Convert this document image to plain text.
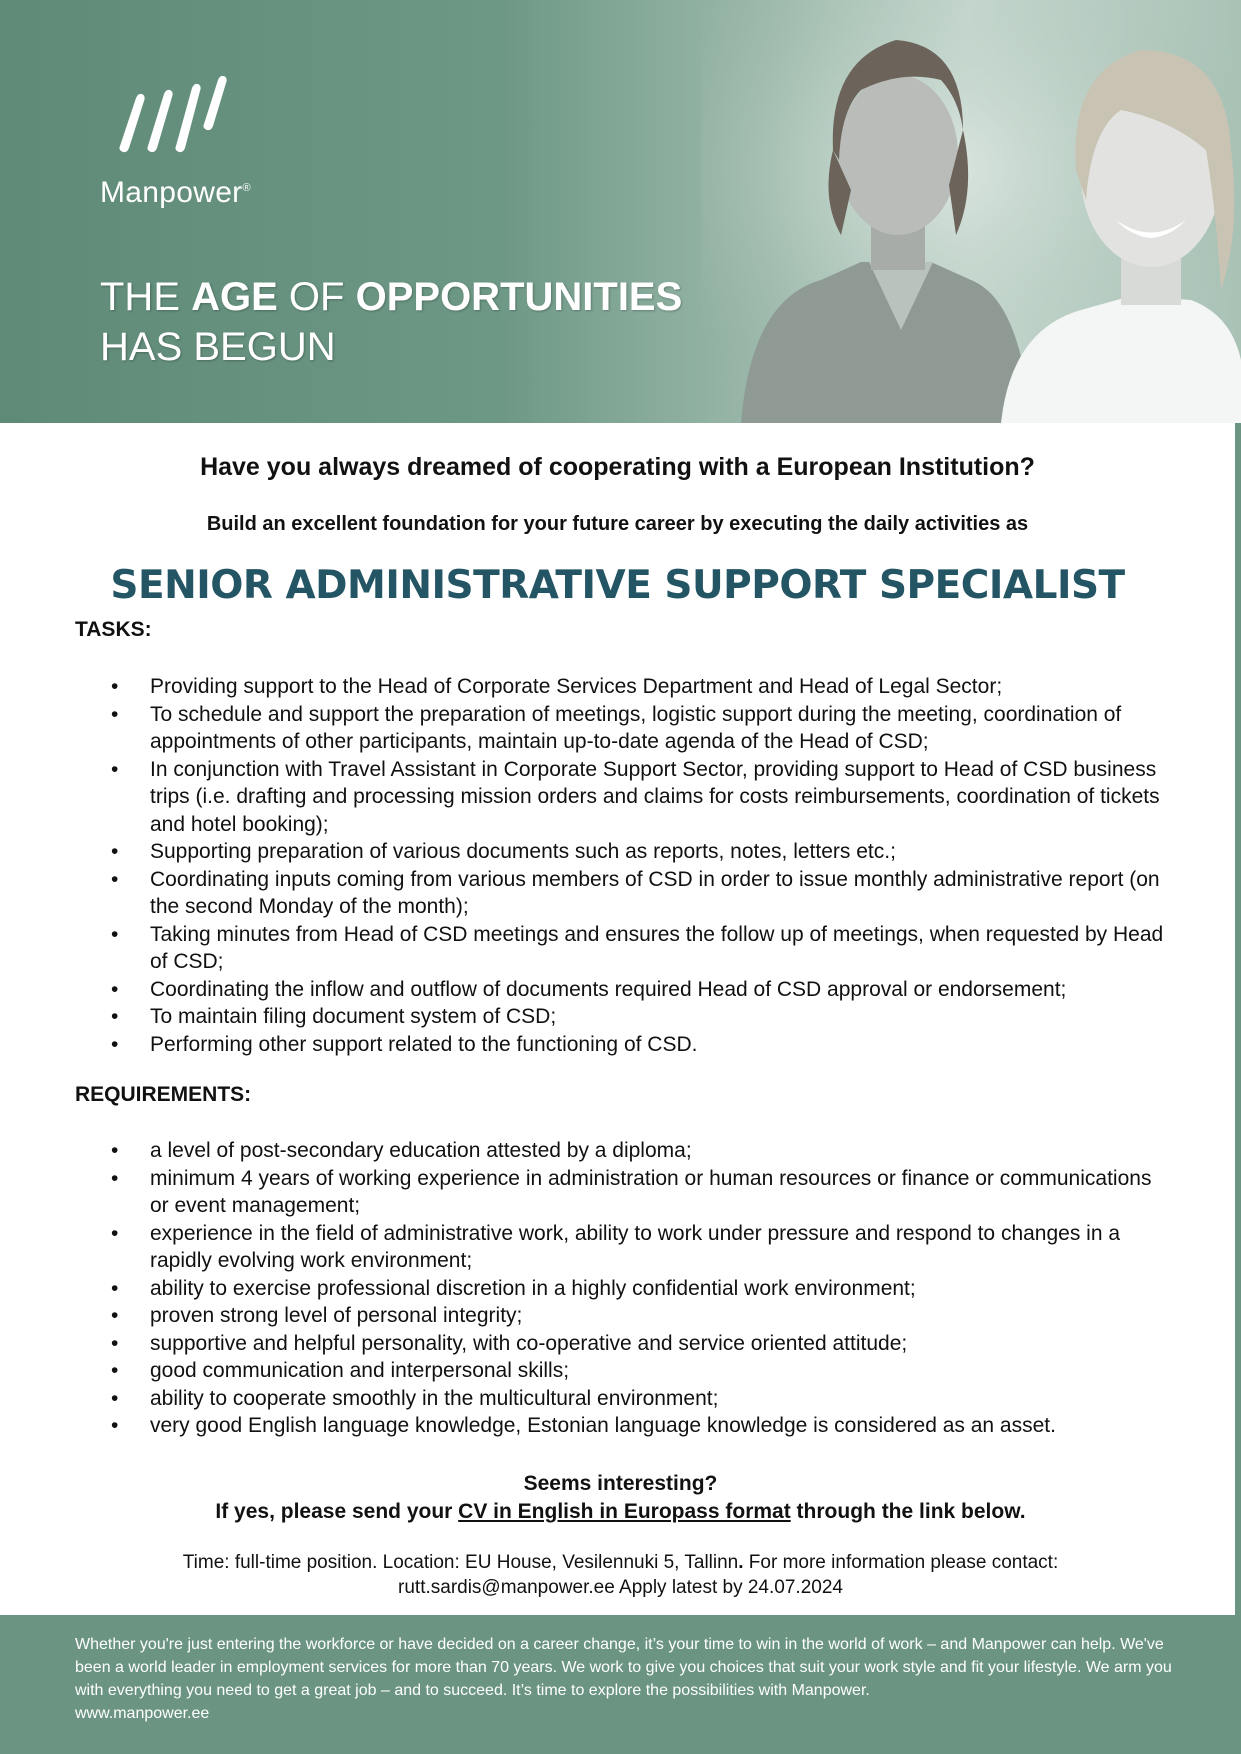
Manpower®
THE AGE OF OPPORTUNITIES
HAS BEGUN
Have you always dreamed of cooperating with a European Institution?
Build an excellent foundation for your future career by executing the daily activities as
SENIOR ADMINISTRATIVE SUPPORT SPECIALIST
TASKS:
• Providing support to the Head of Corporate Services Department and Head of Legal Sector;
• To schedule and support the preparation of meetings, logistic support during the meeting, coordination of appointments of other participants, maintain up-to-date agenda of the Head of CSD;
• In conjunction with Travel Assistant in Corporate Support Sector, providing support to Head of CSD business trips (i.e. drafting and processing mission orders and claims for costs reimbursements, coordination of tickets and hotel booking);
• Supporting preparation of various documents such as reports, notes, letters etc.;
• Coordinating inputs coming from various members of CSD in order to issue monthly administrative report (on the second Monday of the month);
• Taking minutes from Head of CSD meetings and ensures the follow up of meetings, when requested by Head of CSD;
• Coordinating the inflow and outflow of documents required Head of CSD approval or endorsement;
• To maintain filing document system of CSD;
• Performing other support related to the functioning of CSD.
REQUIREMENTS:
• a level of post-secondary education attested by a diploma;
• minimum 4 years of working experience in administration or human resources or finance or communications or event management;
• experience in the field of administrative work, ability to work under pressure and respond to changes in a rapidly evolving work environment;
• ability to exercise professional discretion in a highly confidential work environment;
• proven strong level of personal integrity;
• supportive and helpful personality, with co-operative and service oriented attitude;
• good communication and interpersonal skills;
• ability to cooperate smoothly in the multicultural environment;
• very good English language knowledge, Estonian language knowledge is considered as an asset.
Seems interesting?
If yes, please send your CV in English in Europass format through the link below.
Time: full-time position. Location: EU House, Vesilennuki 5, Tallinn. For more information please contact:
rutt.sardis@manpower.ee Apply latest by 24.07.2024
Whether you're just entering the workforce or have decided on a career change, it’s your time to win in the world of work – and Manpower can help. We've been a world leader in employment services for more than 70 years. We work to give you choices that suit your work style and fit your lifestyle. We arm you with everything you need to get a great job – and to succeed. It’s time to explore the possibilities with Manpower.
www.manpower.ee
